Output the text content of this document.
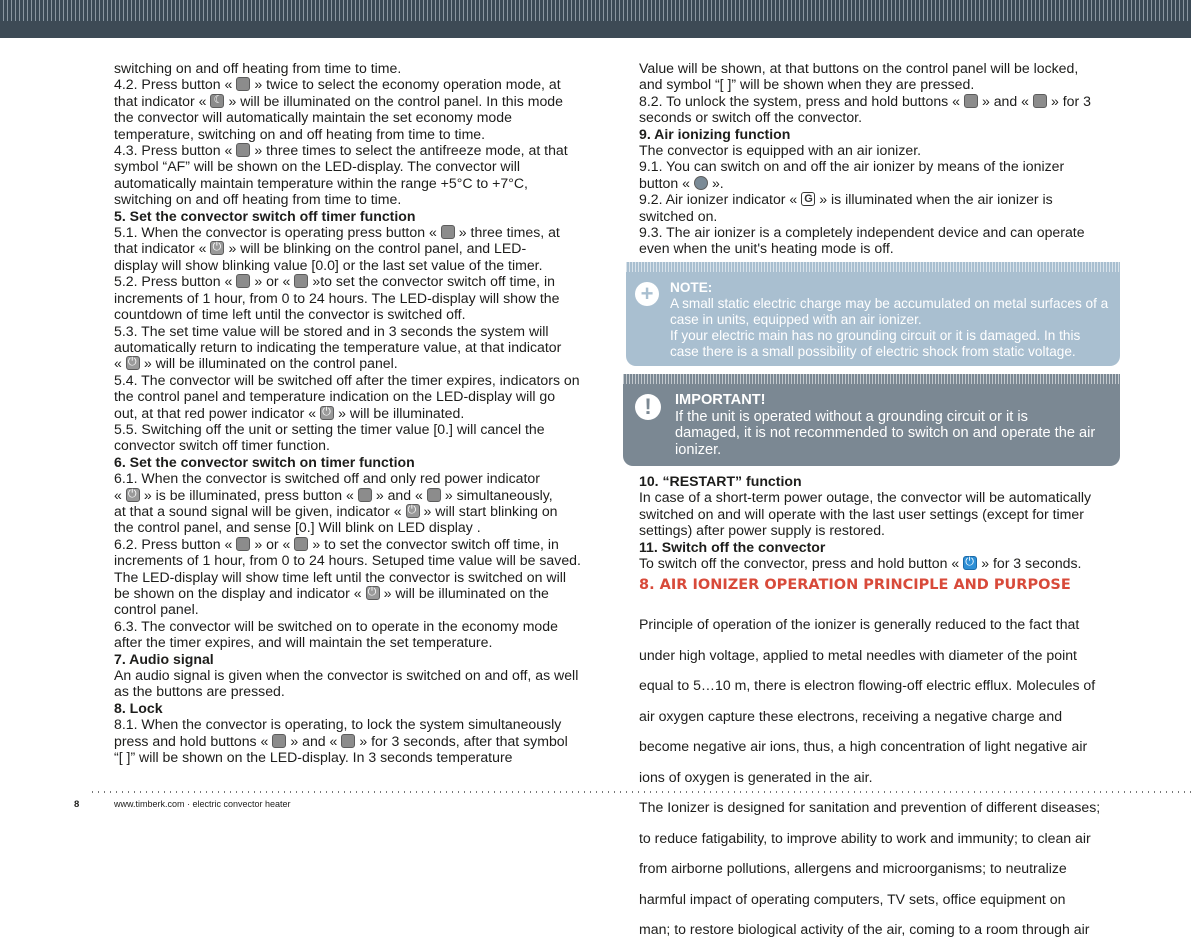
switching on and off heating from time to time.

4.2. Press button « » twice to select the economy operation mode, at

that indicator « ☾ » will be illuminated on the control panel. In this mode

the convector will automatically maintain the set economy mode

temperature, switching on and off heating from time to time.

4.3. Press button « » three times to select the antifreeze mode, at that

symbol “AF” will be shown on the LED-display. The convector will

automatically maintain temperature within the range +5°C to +7°C,

switching on and off heating from time to time.

5. Set the convector switch off timer function

5.1. When the convector is operating press button « » three times, at

that indicator « ⏻ » will be blinking on the control panel, and LED-

display will show blinking value [0.0] or the last set value of the timer.

5.2. Press button « » or « »to set the convector switch off time, in

increments of 1 hour, from 0 to 24 hours. The LED-display will show the

countdown of time left until the convector is switched off.

5.3. The set time value will be stored and in 3 seconds the system will

automatically return to indicating the temperature value, at that indicator

« ⏻ » will be illuminated on the control panel.

5.4. The convector will be switched off after the timer expires, indicators on

the control panel and temperature indication on the LED-display will go

out, at that red power indicator « ⏻ » will be illuminated.

5.5. Switching off the unit or setting the timer value [0.] will cancel the

convector switch off timer function.

6. Set the convector switch on timer function

6.1. When the convector is switched off and only red power indicator

« ⏻ » is be illuminated, press button « » and « » simultaneously,

at that a sound signal will be given, indicator « ⏻ » will start blinking on

the control panel, and sense [0.] Will blink on LED display .

6.2. Press button « » or « » to set the convector switch off time, in

increments of 1 hour, from 0 to 24 hours. Setuped time value will be saved.

The LED-display will show time left until the convector is switched on will

be shown on the display and indicator « ⏻ » will be illuminated on the

control panel.

6.3. The convector will be switched on to operate in the economy mode

after the timer expires, and will maintain the set temperature.

7. Audio signal

An audio signal is given when the convector is switched on and off, as well

as the buttons are pressed.

8. Lock

8.1. When the convector is operating, to lock the system simultaneously

press and hold buttons « » and « » for 3 seconds, after that symbol

“[ ]” will be shown on the LED-display. In 3 seconds temperature

Value will be shown, at that buttons on the control panel will be locked,

and symbol “[ ]” will be shown when they are pressed.

8.2. To unlock the system, press and hold buttons « » and « » for 3

seconds or switch off the convector.

9. Air ionizing function

The convector is equipped with an air ionizer.

9.1. You can switch on and off the air ionizer by means of the ionizer

button « ».

9.2. Air ionizer indicator « G » is illuminated when the air ionizer is

switched on.

9.3. The air ionizer is a completely independent device and can operate

even when the unit's heating mode is off.

+	NOTE:
A small static electric charge may be accumulated on metal surfaces of a
case in units, equipped with an air ionizer.
If your electric main has no grounding circuit or it is damaged. In this
case there is a small possibility of electric shock from static voltage.
!	IMPORTANT!
If the unit is operated without a grounding circuit or it is
damaged, it is not recommended to switch on and operate the air
ionizer.

10. “RESTART” function

In case of a short-term power outage, the convector will be automatically

switched on and will operate with the last user settings (except for timer

settings) after power supply is restored.

11. Switch off the convector

To switch off the convector, press and hold button « ⏻ » for 3 seconds.

8. AIR IONIZER OPERATION PRINCIPLE AND PURPOSE

Principle of operation of the ionizer is generally reduced to the fact that

under high voltage, applied to metal needles with diameter of the point

equal to 5…10 m, there is electron flowing-off electric efflux. Molecules of

air oxygen capture these electrons, receiving a negative charge and

become negative air ions, thus, a high concentration of light negative air

ions of oxygen is generated in the air.

The Ionizer is designed for sanitation and prevention of different diseases;

to reduce fatigability, to improve ability to work and immunity; to clean air

from airborne pollutions, allergens and microorganisms; to neutralize

harmful impact of operating computers, TV sets, office equipment on

man; to restore biological activity of the air, coming to a room through air

8	www.timberk.com · electric convector heater
